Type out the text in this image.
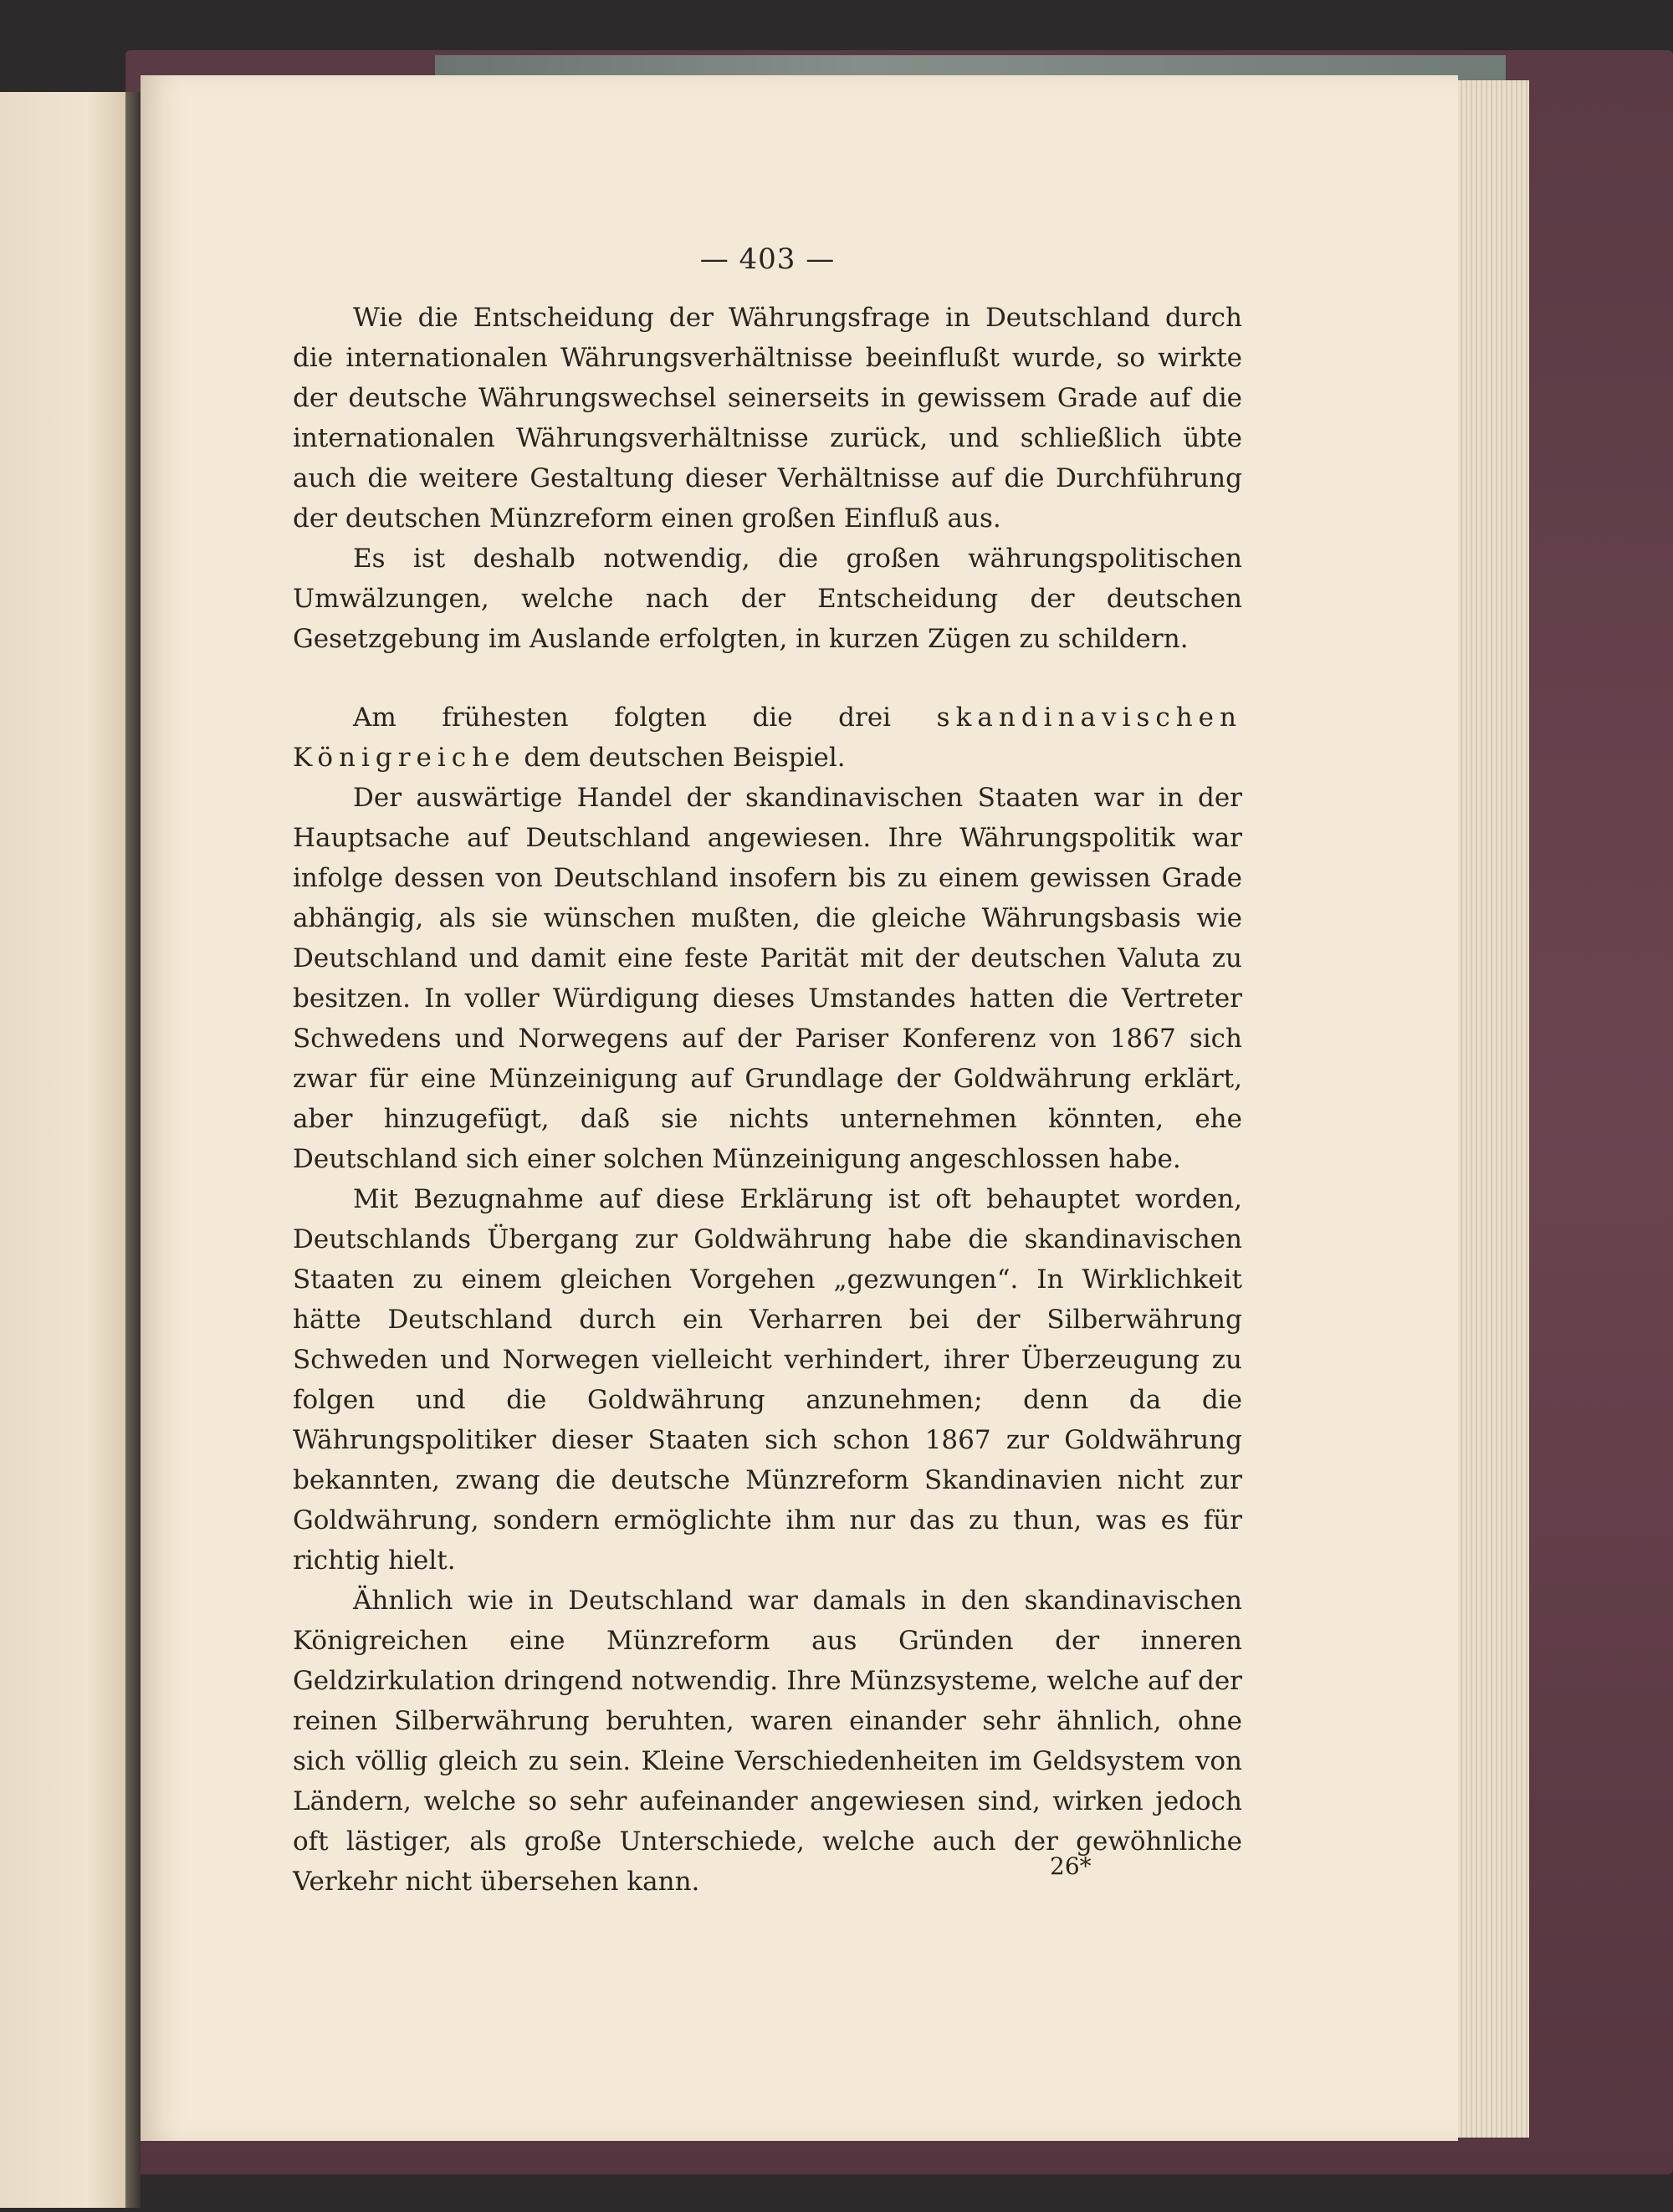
— 403 —

Wie die Entscheidung der Währungsfrage in Deutschland durch die internationalen Währungsverhältnisse beeinflußt wurde, so wirkte der deutsche Währungswechsel seinerseits in gewissem Grade auf die internationalen Währungsverhältnisse zurück, und schließlich übte auch die weitere Gestaltung dieser Verhältnisse auf die Durchführung der deutschen Münzreform einen großen Einfluß aus.

Es ist deshalb notwendig, die großen währungspolitischen Umwälzungen, welche nach der Entscheidung der deutschen Gesetzgebung im Auslande erfolgten, in kurzen Zügen zu schildern.

Am frühesten folgten die drei skandinavischen Königreiche dem deutschen Beispiel.

Der auswärtige Handel der skandinavischen Staaten war in der Hauptsache auf Deutschland angewiesen. Ihre Währungspolitik war infolge dessen von Deutschland insofern bis zu einem gewissen Grade abhängig, als sie wünschen mußten, die gleiche Währungsbasis wie Deutschland und damit eine feste Parität mit der deutschen Valuta zu besitzen. In voller Würdigung dieses Umstandes hatten die Vertreter Schwedens und Norwegens auf der Pariser Konferenz von 1867 sich zwar für eine Münzeinigung auf Grundlage der Goldwährung erklärt, aber hinzugefügt, daß sie nichts unternehmen könnten, ehe Deutschland sich einer solchen Münzeinigung angeschlossen habe.

Mit Bezugnahme auf diese Erklärung ist oft behauptet worden, Deutschlands Übergang zur Goldwährung habe die skandinavischen Staaten zu einem gleichen Vorgehen „gezwungen“. In Wirklichkeit hätte Deutschland durch ein Verharren bei der Silberwährung Schweden und Norwegen vielleicht verhindert, ihrer Überzeugung zu folgen und die Goldwährung anzunehmen; denn da die Währungspolitiker dieser Staaten sich schon 1867 zur Goldwährung bekannten, zwang die deutsche Münzreform Skandinavien nicht zur Goldwährung, sondern ermöglichte ihm nur das zu thun, was es für richtig hielt.

Ähnlich wie in Deutschland war damals in den skandinavischen Königreichen eine Münzreform aus Gründen der inneren Geldzirkulation dringend notwendig. Ihre Münzsysteme, welche auf der reinen Silberwährung beruhten, waren einander sehr ähnlich, ohne sich völlig gleich zu sein. Kleine Verschiedenheiten im Geldsystem von Ländern, welche so sehr aufeinander angewiesen sind, wirken jedoch oft lästiger, als große Unterschiede, welche auch der gewöhnliche Verkehr nicht übersehen kann.

26*
